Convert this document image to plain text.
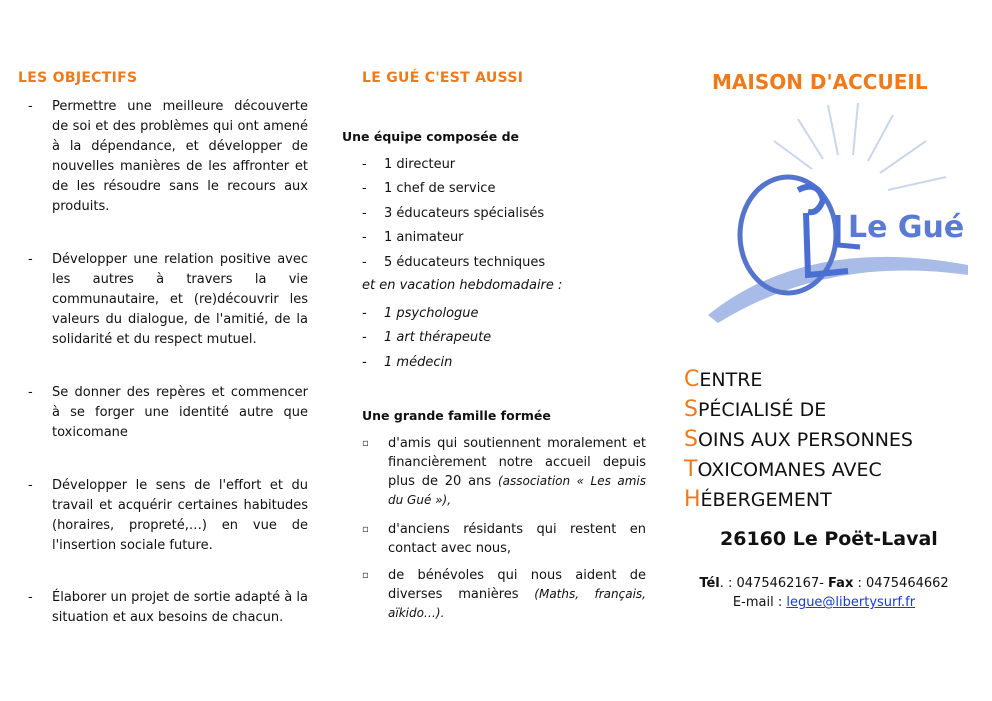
LES OBJECTIFS
- Permettre une meilleure découverte de soi et des problèmes qui ont amené à la dépendance, et développer de nouvelles manières de les affronter et de les résoudre sans le recours aux produits.
- Développer une relation positive avec les autres à travers la vie communautaire, et (re)découvrir les valeurs du dialogue, de l'amitié, de la solidarité et du respect mutuel.
- Se donner des repères et commencer à se forger une identité autre que toxicomane
- Développer le sens de l'effort et du travail et acquérir certaines habitudes (horaires, propreté,…) en vue de l'insertion sociale future.
- Élaborer un projet de sortie adapté à la situation et aux besoins de chacun.
LE GUÉ C'EST AUSSI
Une équipe composée de
- 1 directeur
- 1 chef de service
- 3 éducateurs spécialisés
- 1 animateur
- 5 éducateurs techniques
et en vacation hebdomadaire :
- 1 psychologue
- 1 art thérapeute
- 1 médecin
Une grande famille formée
▫ d'amis qui soutiennent moralement et financièrement notre accueil depuis plus de 20 ans (association « Les amis du Gué »),
▫ d'anciens résidants qui restent en contact avec nous,
▫ de bénévoles qui nous aident de diverses manières (Maths, français, aïkido…).
MAISON D'ACCUEIL
Le Gué
CENTRE
SPÉCIALISÉ DE
SOINS AUX PERSONNES
TOXICOMANES AVEC
HÉBERGEMENT
26160 Le Poët-Laval
Tél. : 0475462167- Fax : 0475464662
E-mail : legue@libertysurf.fr
